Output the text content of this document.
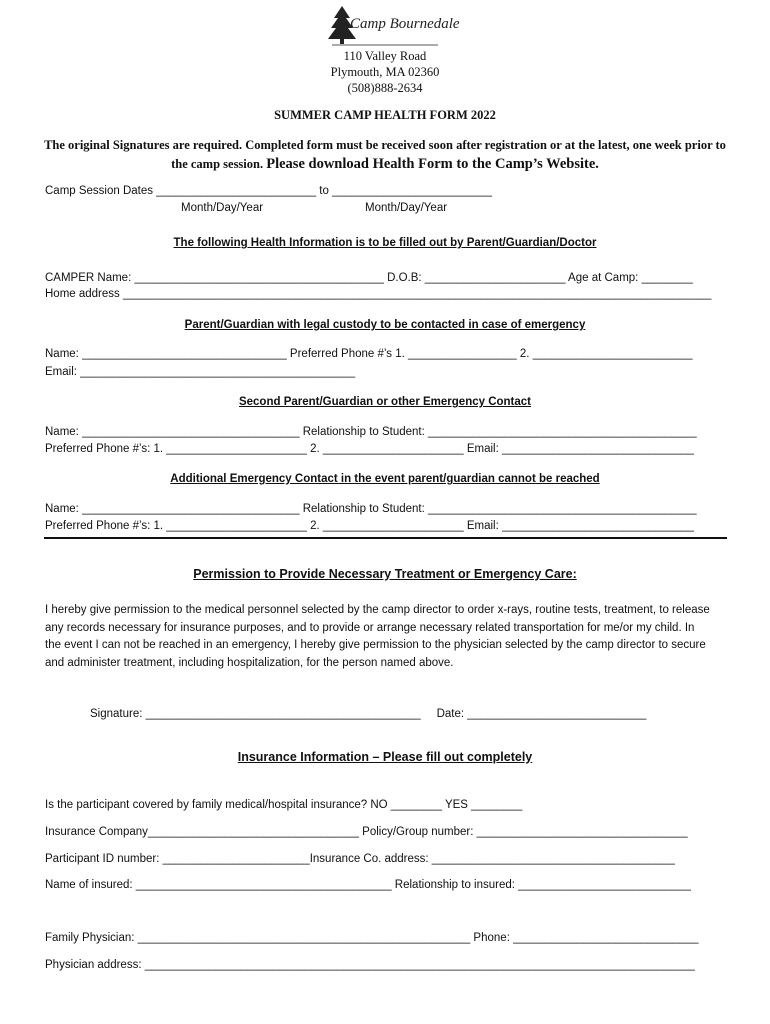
Camp Bournedale
110 Valley Road
Plymouth, MA 02360
(508)888-2634
SUMMER CAMP HEALTH FORM 2022
The original Signatures are required. Completed form must be received soon after registration or at the latest, one week prior to the camp session. Please download Health Form to the Camp’s Website.
Camp Session Dates _________________________ to _________________________
Month/Day/Year	Month/Day/Year
The following Health Information is to be filled out by Parent/Guardian/Doctor
CAMPER Name: _______________________________________ D.O.B: ______________________ Age at Camp: ________
Home address ____________________________________________________________________________________________
Parent/Guardian with legal custody to be contacted in case of emergency
Name: ________________________________ Preferred Phone #’s 1. _________________ 2. _________________________
Email: ___________________________________________
Second Parent/Guardian or other Emergency Contact
Name: __________________________________ Relationship to Student: __________________________________________
Preferred Phone #’s: 1. ______________________ 2. ______________________ Email: ______________________________
Additional Emergency Contact in the event parent/guardian cannot be reached
Name: __________________________________ Relationship to Student: __________________________________________
Preferred Phone #’s: 1. ______________________ 2. ______________________ Email: ______________________________
Permission to Provide Necessary Treatment or Emergency Care:
I hereby give permission to the medical personnel selected by the camp director to order x-rays, routine tests, treatment, to release any records necessary for insurance purposes, and to provide or arrange necessary related transportation for me/or my child. In the event I can not be reached in an emergency, I hereby give permission to the physician selected by the camp director to secure and administer treatment, including hospitalization, for the person named above.
Signature: ___________________________________________     Date: ____________________________
Insurance Information – Please fill out completely
Is the participant covered by family medical/hospital insurance? NO ________ YES ________
Insurance Company_________________________________ Policy/Group number: _________________________________
Participant ID number: _______________________Insurance Co. address: ______________________________________
Name of insured: ________________________________________ Relationship to insured: ___________________________
Family Physician: ____________________________________________________ Phone: _____________________________
Physician address: ______________________________________________________________________________________
